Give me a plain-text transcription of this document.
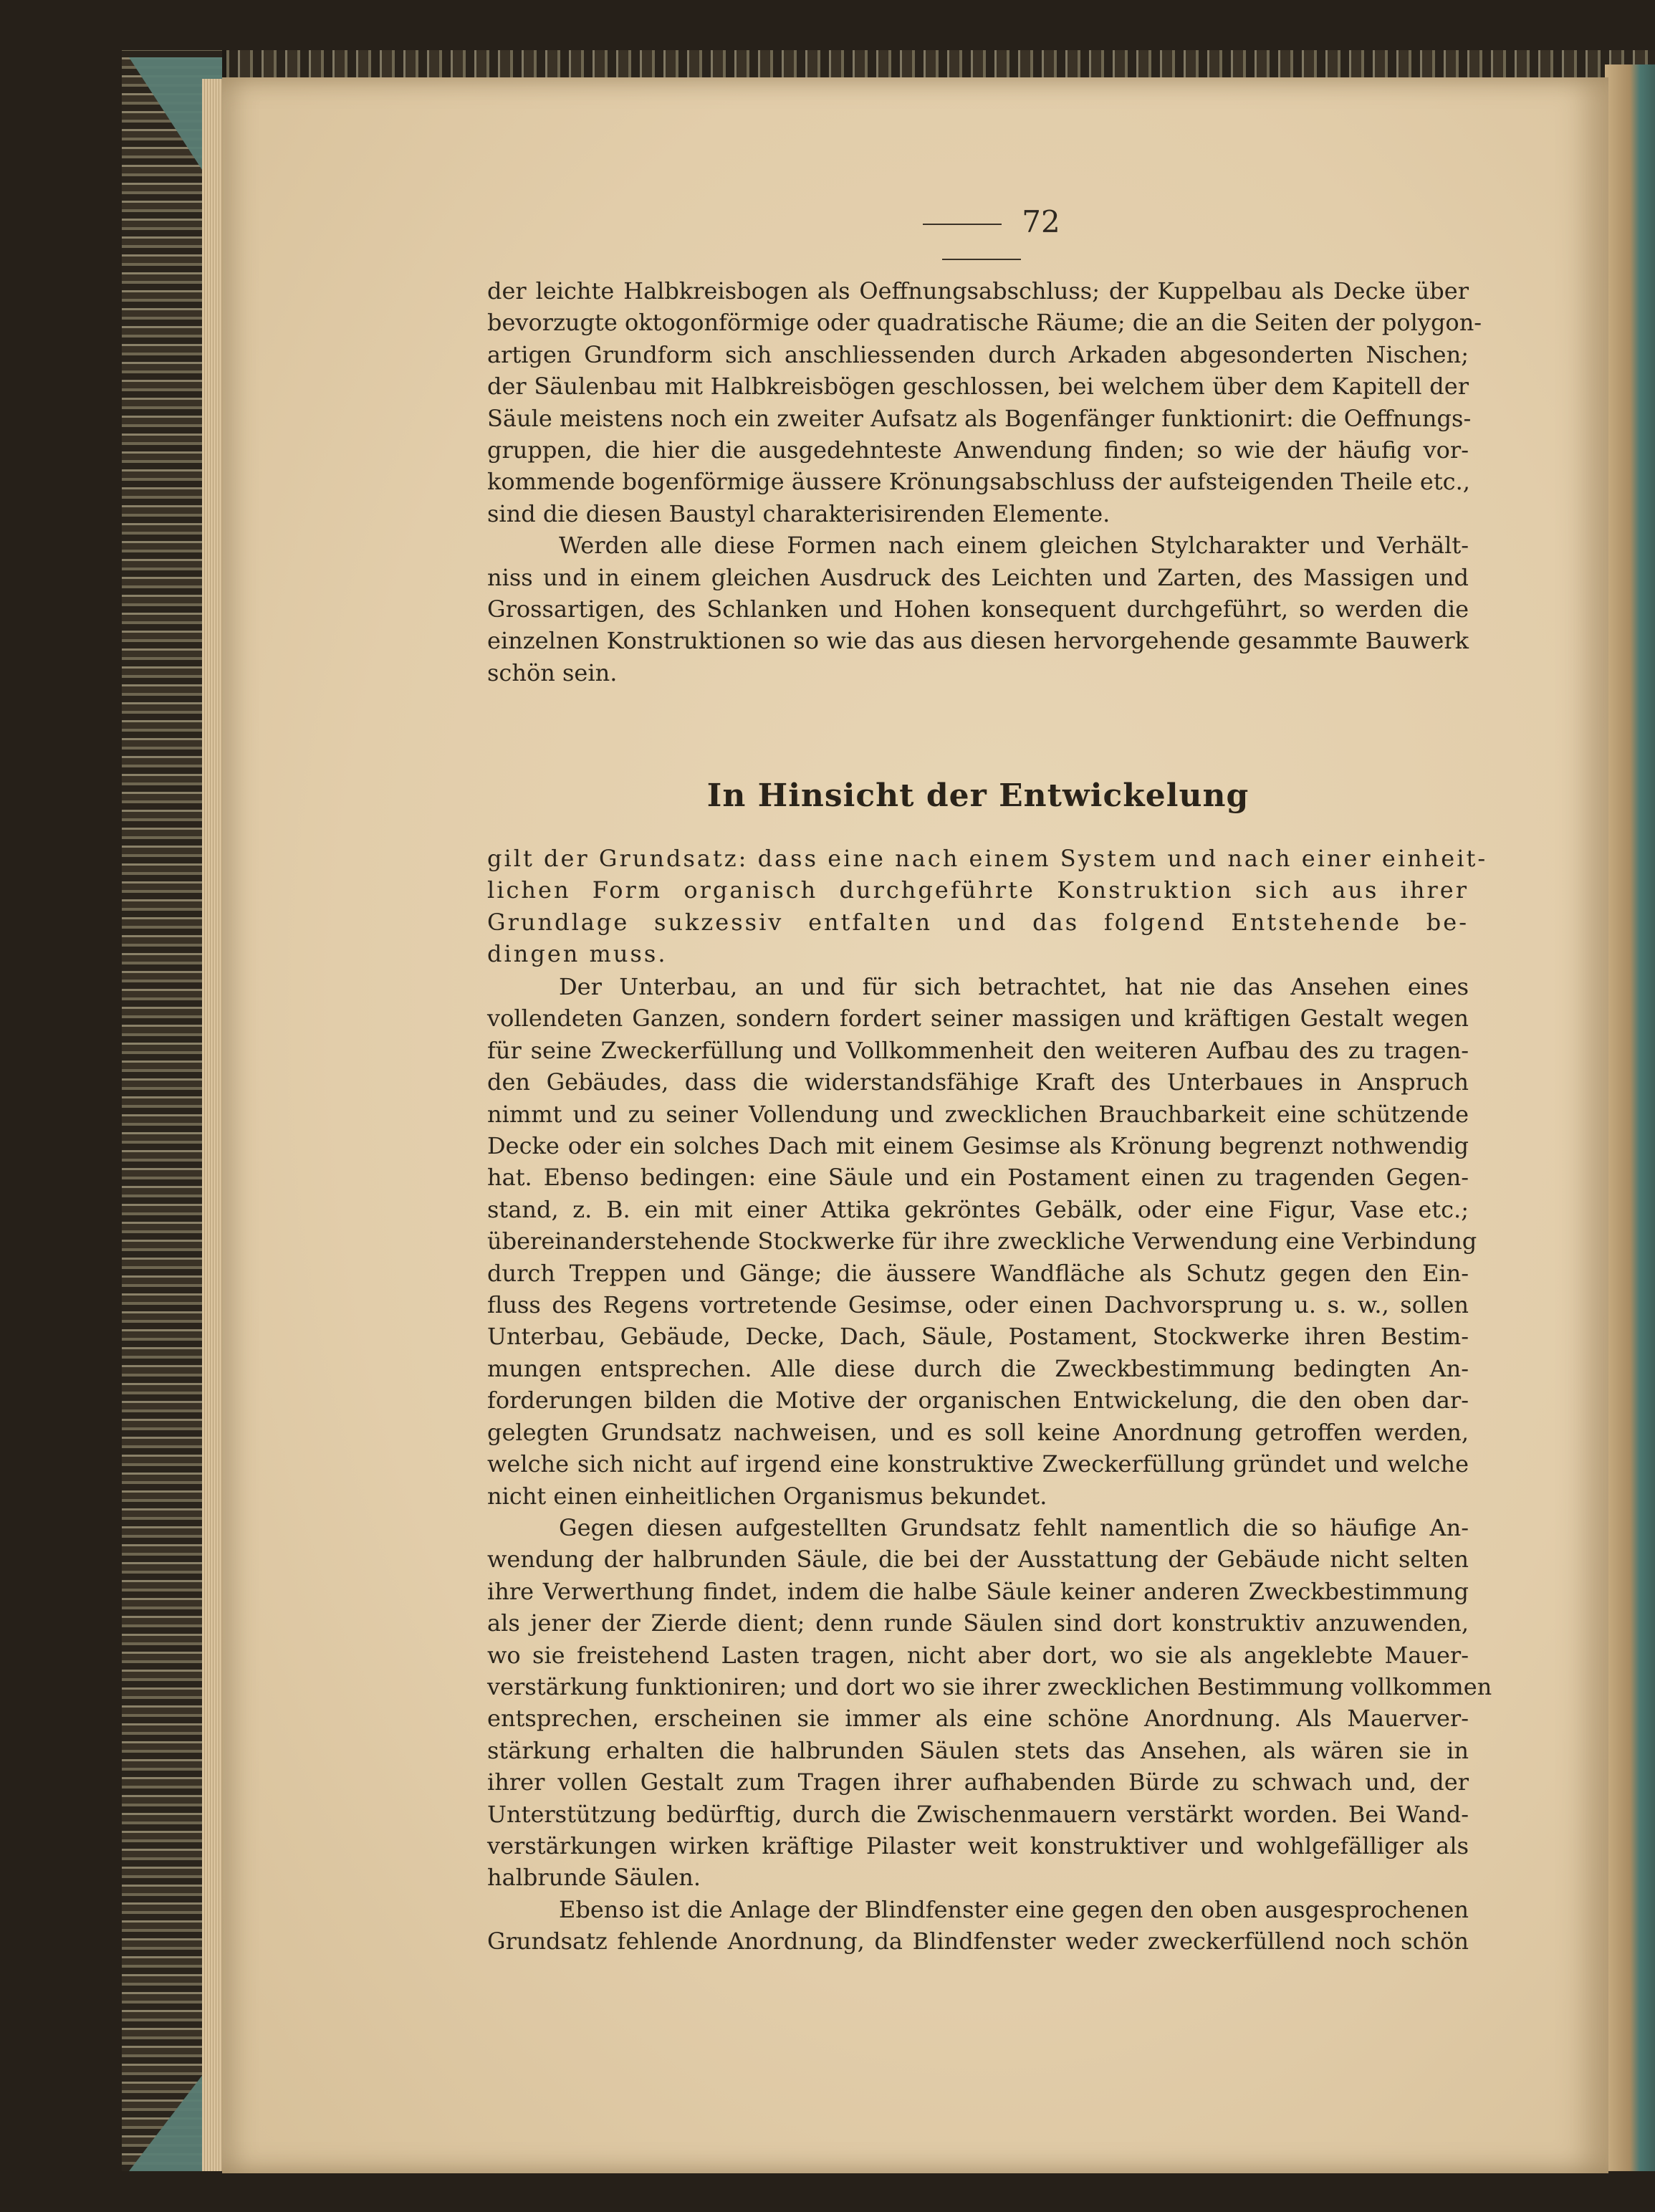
72

der leichte Halbkreisbogen als Oeffnungsabschluss; der Kuppelbau als Decke über
bevorzugte oktogonförmige oder quadratische Räume; die an die Seiten der polygon-
artigen Grundform sich anschliessenden durch Arkaden abgesonderten Nischen;
der Säulenbau mit Halbkreisbögen geschlossen, bei welchem über dem Kapitell der
Säule meistens noch ein zweiter Aufsatz als Bogenfänger funktionirt: die Oeffnungs-
gruppen, die hier die ausgedehnteste Anwendung finden; so wie der häufig vor-
kommende bogenförmige äussere Krönungsabschluss der aufsteigenden Theile etc.,
sind die diesen Baustyl charakterisirenden Elemente.

Werden alle diese Formen nach einem gleichen Stylcharakter und Verhält-
niss und in einem gleichen Ausdruck des Leichten und Zarten, des Massigen und
Grossartigen, des Schlanken und Hohen konsequent durchgeführt, so werden die
einzelnen Konstruktionen so wie das aus diesen hervorgehende gesammte Bauwerk
schön sein.

In Hinsicht der Entwickelung

gilt der Grundsatz: dass eine nach einem System und nach einer einheit-
lichen Form organisch durchgeführte Konstruktion sich aus ihrer
Grundlage sukzessiv entfalten und das folgend Entstehende be-
dingen muss.

Der Unterbau, an und für sich betrachtet, hat nie das Ansehen eines
vollendeten Ganzen, sondern fordert seiner massigen und kräftigen Gestalt wegen
für seine Zweckerfüllung und Vollkommenheit den weiteren Aufbau des zu tragen-
den Gebäudes, dass die widerstandsfähige Kraft des Unterbaues in Anspruch
nimmt und zu seiner Vollendung und zwecklichen Brauchbarkeit eine schützende
Decke oder ein solches Dach mit einem Gesimse als Krönung begrenzt nothwendig
hat. Ebenso bedingen: eine Säule und ein Postament einen zu tragenden Gegen-
stand, z. B. ein mit einer Attika gekröntes Gebälk, oder eine Figur, Vase etc.;
übereinanderstehende Stockwerke für ihre zweckliche Verwendung eine Verbindung
durch Treppen und Gänge; die äussere Wandfläche als Schutz gegen den Ein-
fluss des Regens vortretende Gesimse, oder einen Dachvorsprung u. s. w., sollen
Unterbau, Gebäude, Decke, Dach, Säule, Postament, Stockwerke ihren Bestim-
mungen entsprechen. Alle diese durch die Zweckbestimmung bedingten An-
forderungen bilden die Motive der organischen Entwickelung, die den oben dar-
gelegten Grundsatz nachweisen, und es soll keine Anordnung getroffen werden,
welche sich nicht auf irgend eine konstruktive Zweckerfüllung gründet und welche
nicht einen einheitlichen Organismus bekundet.

Gegen diesen aufgestellten Grundsatz fehlt namentlich die so häufige An-
wendung der halbrunden Säule, die bei der Ausstattung der Gebäude nicht selten
ihre Verwerthung findet, indem die halbe Säule keiner anderen Zweckbestimmung
als jener der Zierde dient; denn runde Säulen sind dort konstruktiv anzuwenden,
wo sie freistehend Lasten tragen, nicht aber dort, wo sie als angeklebte Mauer-
verstärkung funktioniren; und dort wo sie ihrer zwecklichen Bestimmung vollkommen
entsprechen, erscheinen sie immer als eine schöne Anordnung. Als Mauerver-
stärkung erhalten die halbrunden Säulen stets das Ansehen, als wären sie in
ihrer vollen Gestalt zum Tragen ihrer aufhabenden Bürde zu schwach und, der
Unterstützung bedürftig, durch die Zwischenmauern verstärkt worden. Bei Wand-
verstärkungen wirken kräftige Pilaster weit konstruktiver und wohlgefälliger als
halbrunde Säulen.

Ebenso ist die Anlage der Blindfenster eine gegen den oben ausgesprochenen
Grundsatz fehlende Anordnung, da Blindfenster weder zweckerfüllend noch schön
